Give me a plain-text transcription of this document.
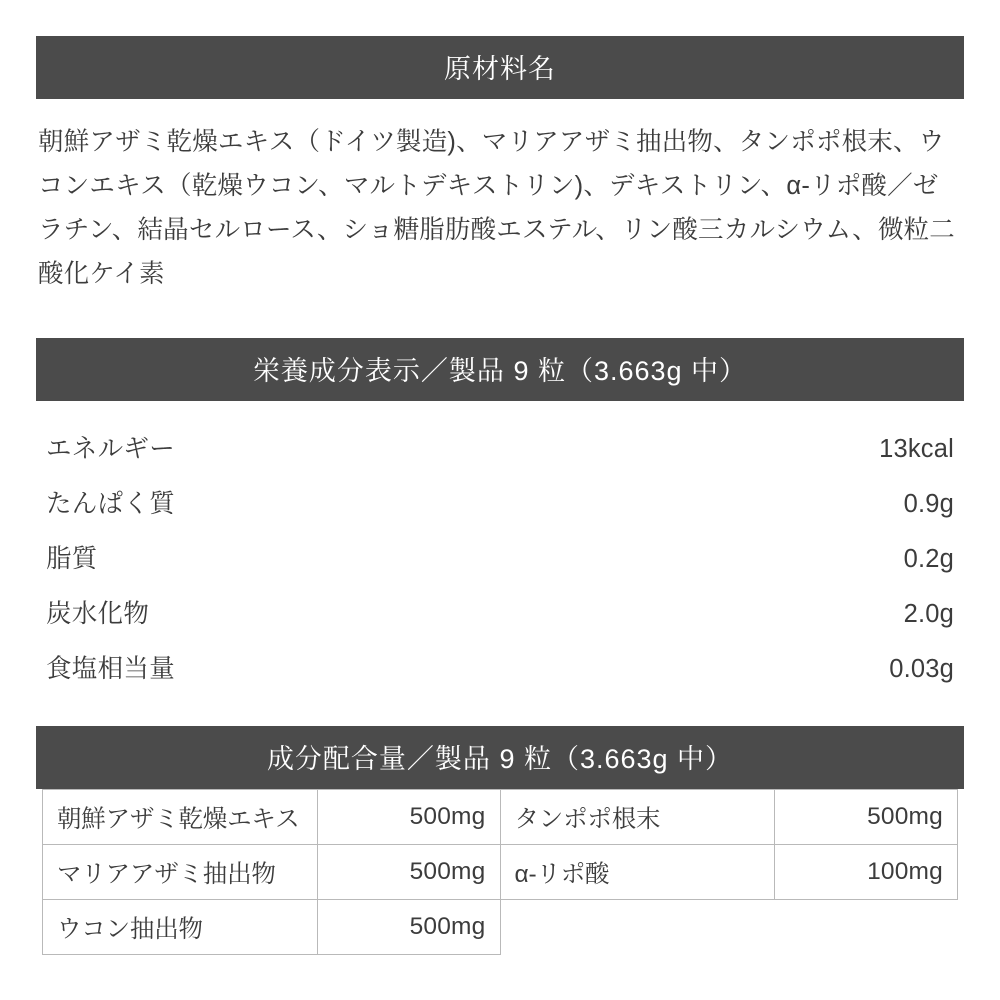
原材料名

朝鮮アザミ乾燥エキス（ドイツ製造)、マリアアザミ抽出物、タンポポ根末、ウコンエキス（乾燥ウコン、マルトデキストリン)、デキストリン、α‑リポ酸／ゼラチン、結晶セルロース、ショ糖脂肪酸エステル、リン酸三カルシウム、微粒二酸化ケイ素

栄養成分表示／製品 9 粒（3.663g 中）
エネルギー	13kcal
たんぱく質	0.9g
脂質	0.2g
炭水化物	2.0g
食塩相当量	0.03g
成分配合量／製品 9 粒（3.663g 中）
朝鮮アザミ乾燥エキス	500mg	タンポポ根末	500mg
マリアアザミ抽出物	500mg	α‑リポ酸	100mg
ウコン抽出物	500mg		
